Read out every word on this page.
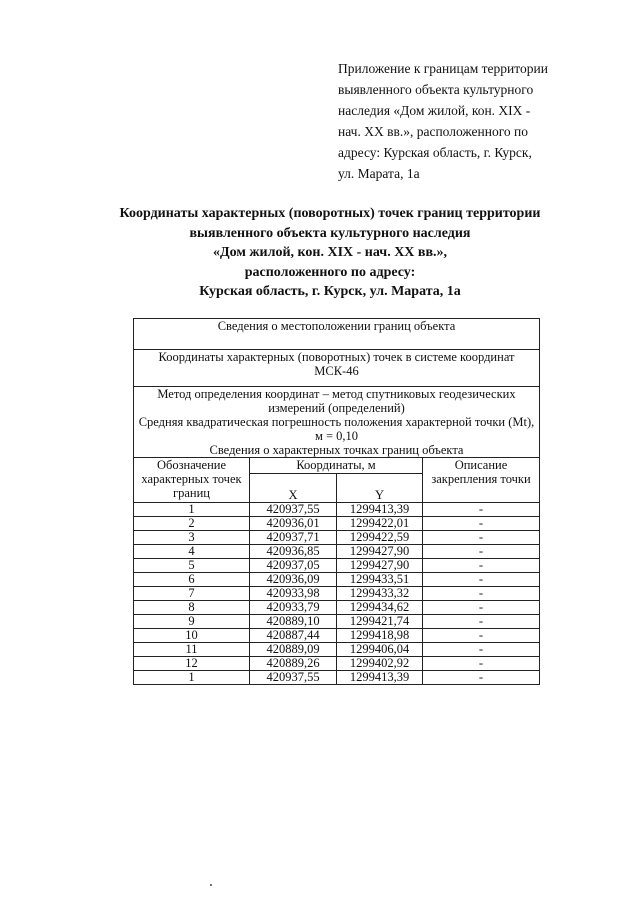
Приложение к границам территории
выявленного объекта культурного
наследия «Дом жилой, кон. XIX -
нач. XX вв.», расположенного по
адресу: Курская область, г. Курск,
ул. Марата, 1а
Координаты характерных (поворотных) точек границ территории
выявленного объекта культурного наследия
«Дом жилой, кон. XIX - нач. XX вв.»,
расположенного по адресу:
Курская область, г. Курск, ул. Марата, 1а
Сведения о местоположении границ объекта			
Координаты характерных (поворотных) точек в системе координат МСК-46			

Метод определения координат – метод спутниковых геодезических измерений (определений)
Средняя квадратическая погрешность положения характерной точки (Mt), м = 0,10
Сведения о характерных точках границ объекта			

Обозначение характерных точек границ	Координаты, м		Описание закрепления точки
	X	Y	
1	420937,55	1299413,39	-
2	420936,01	1299422,01	-
3	420937,71	1299422,59	-
4	420936,85	1299427,90	-
5	420937,05	1299427,90	-
6	420936,09	1299433,51	-
7	420933,98	1299433,32	-
8	420933,79	1299434,62	-
9	420889,10	1299421,74	-
10	420887,44	1299418,98	-
11	420889,09	1299406,04	-
12	420889,26	1299402,92	-
1	420937,55	1299413,39	-
